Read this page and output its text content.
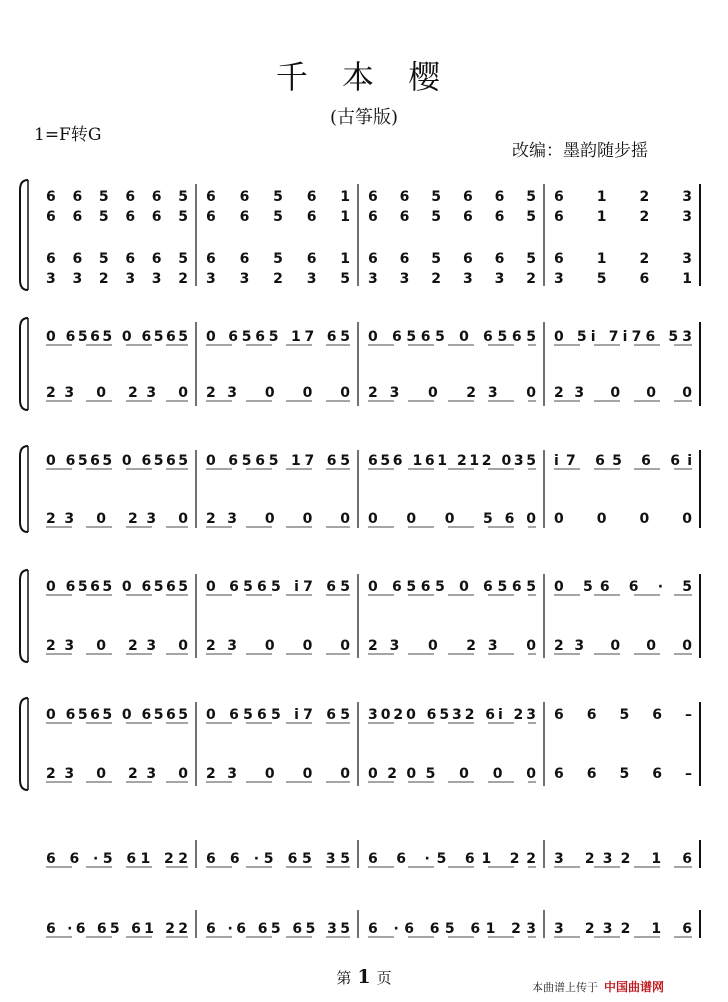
千 本 樱
(古筝版)
1=F转G
改编：墨韵随步摇
6 6 5 6 6 5 6 6 5 6 1 6 6 5 6 6 5 6 1 2 3
6 6 5 6 6 5 6 6 5 6 1 6 6 5 6 6 5 6 1 2 3
6 6 5 6 6 5 6 6 5 6 1 6 6 5 6 6 5 6 1 2 3
3 3 2 3 3 2 3 3 2 3 5 3 3 2 3 3 2 3 5 6 1
0 6565 0 6565 0 6565 17 65 0 6565 0 6565 0 5i 7i76 53
23 0 23 0 23 0 0 0 23 0 23 0 23 0 0 0
0 6565 0 6565 0 6565 17 65 656 161 212 035 i7 65 6 6i
23 0 23 0 23 0 0 0 0 0 0 560 0 0 0 0
0 6565 0 6565 0 6565 i7 65 0 6565 0 6565 0 56 6 · 5
23 0 23 0 23 0 0 0 23 0 23 0 23 0 0 0
0 6565 0 6565 0 6565 i7 65 3020 6532 6i 23 6 6 5 6 –
23 0 23 0 23 0 0 0 0205 0 0 0 6 6 5 6 –
6 6 ·5 61 22 6 6 ·5 65 35 6 6 ·5 61 22 3 232 1 6
6 ·6 65 61 22 6 ·6 65 65 35 6 ·6 65 61 23 3 232 1 6
第 1 页
本曲谱上传于 中国曲谱网
